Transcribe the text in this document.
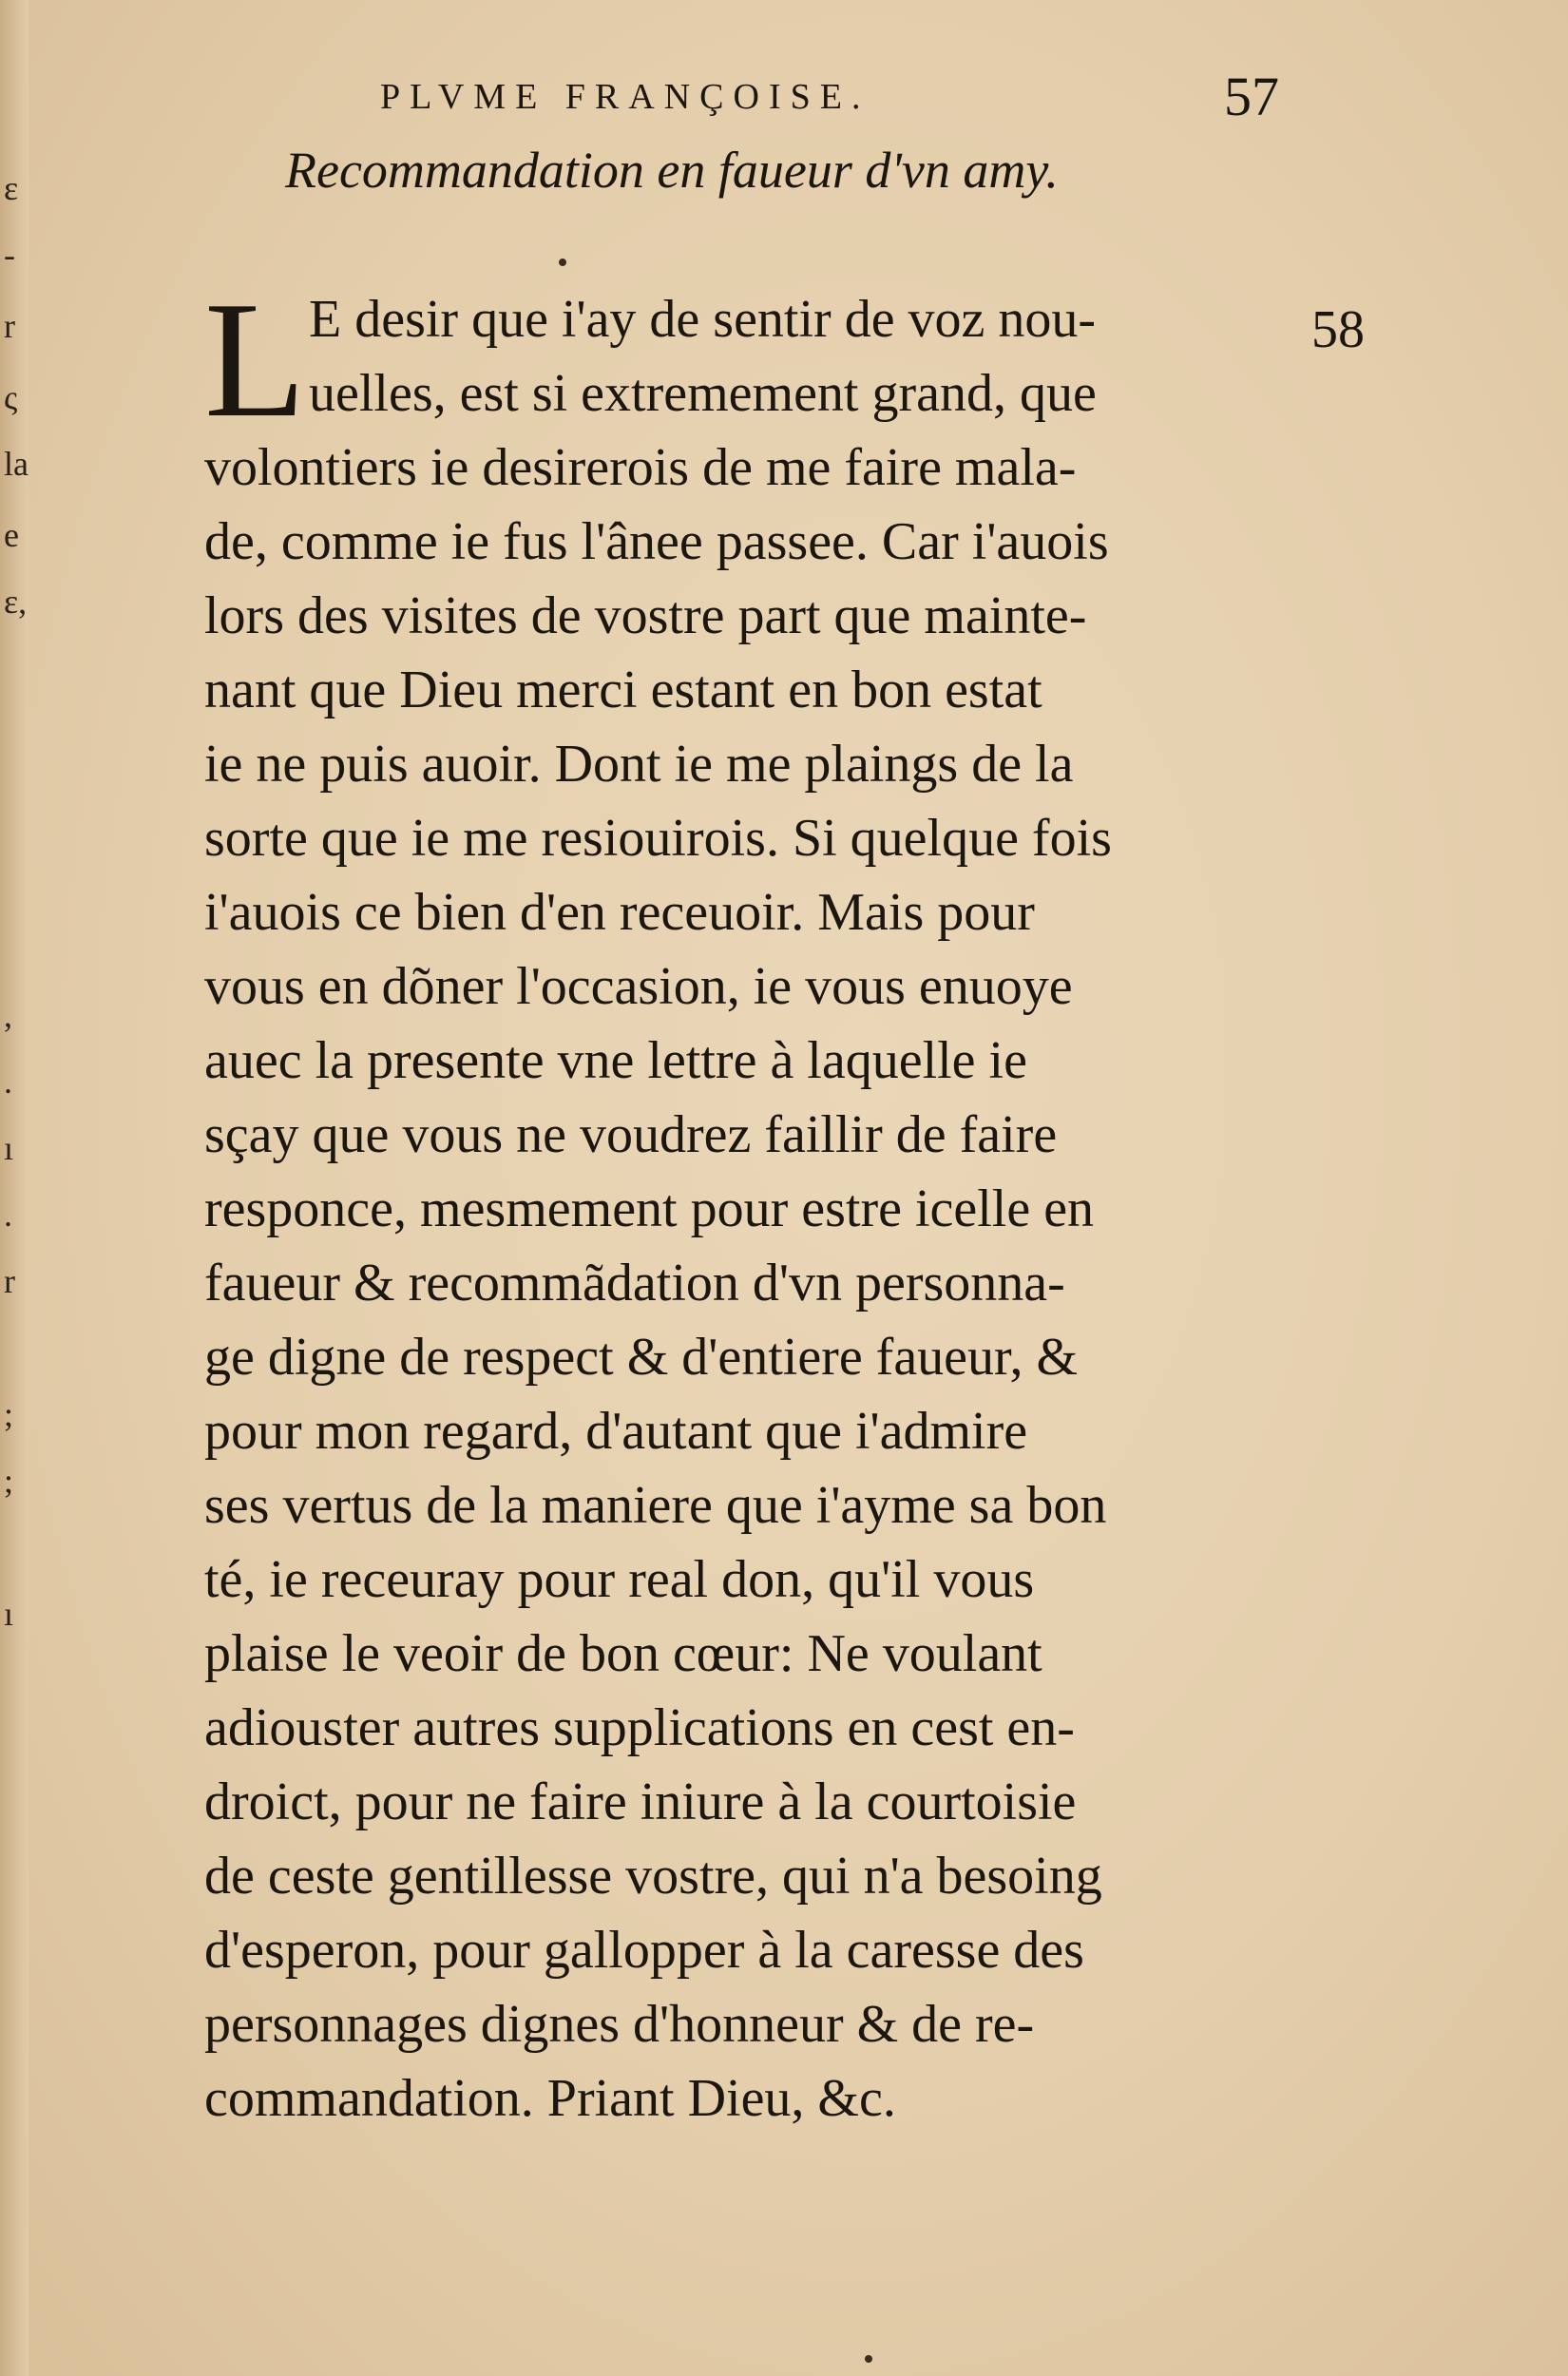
ɛ
-
r
ς
la
e
ɛ,
,
.
ı
.
r
;
;
ı
PLVME FRANÇOISE.	57
Recommandation en faueur d'vn amy.
58
L E desir que i'ay de sentir de voz nou-
uelles, est si extremement grand, que
volontiers ie desirerois de me faire mala-
de, comme ie fus l'ânee passee. Car i'auois
lors des visites de vostre part que mainte-
nant que Dieu merci estant en bon estat
ie ne puis auoir. Dont ie me plaings de la
sorte que ie me resiouirois. Si quelque fois
i'auois ce bien d'en receuoir. Mais pour
vous en dõner l'occasion, ie vous enuoye
auec la presente vne lettre à laquelle ie
sçay que vous ne voudrez faillir de faire
responce, mesmement pour estre icelle en
faueur & recommãdation d'vn personna-
ge digne de respect & d'entiere faueur, &
pour mon regard, d'autant que i'admire
ses vertus de la maniere que i'ayme sa bon
té, ie receuray pour real don, qu'il vous
plaise le veoir de bon cœur: Ne voulant
adiouster autres supplications en cest en-
droict, pour ne faire iniure à la courtoisie
de ceste gentillesse vostre, qui n'a besoing
d'esperon, pour gallopper à la caresse des
personnages dignes d'honneur & de re-
commandation. Priant Dieu, &c.
